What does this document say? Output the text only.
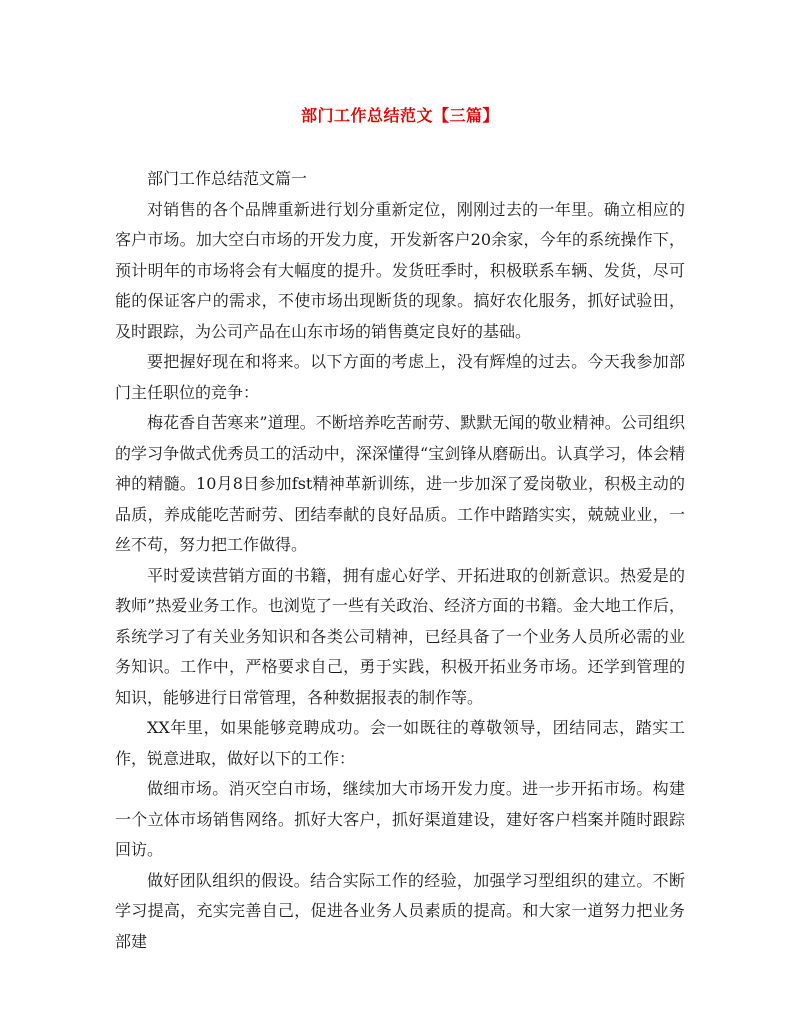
部门工作总结范文【三篇】

部门工作总结范文篇一

对销售的各个品牌重新进行划分重新定位，刚刚过去的一年里。确立相应的客户市场。加大空白市场的开发力度，开发新客户20余家，今年的系统操作下，预计明年的市场将会有大幅度的提升。发货旺季时，积极联系车辆、发货，尽可能的保证客户的需求，不使市场出现断货的现象。搞好农化服务，抓好试验田，及时跟踪，为公司产品在山东市场的销售奠定良好的基础。

要把握好现在和将来。以下方面的考虑上，没有辉煌的过去。今天我参加部门主任职位的竞争：

梅花香自苦寒来”道理。不断培养吃苦耐劳、默默无闻的敬业精神。公司组织的学习争做式优秀员工的活动中，深深懂得“宝剑锋从磨砺出。认真学习，体会精神的精髓。10月8日参加fst精神革新训练，进一步加深了爱岗敬业，积极主动的品质，养成能吃苦耐劳、团结奉献的良好品质。工作中踏踏实实，兢兢业业，一丝不苟，努力把工作做得。

平时爱读营销方面的书籍，拥有虚心好学、开拓进取的创新意识。热爱是的教师”热爱业务工作。也浏览了一些有关政治、经济方面的书籍。金大地工作后，系统学习了有关业务知识和各类公司精神，已经具备了一个业务人员所必需的业务知识。工作中，严格要求自己，勇于实践，积极开拓业务市场。还学到管理的知识，能够进行日常管理，各种数据报表的制作等。

XX年里，如果能够竞聘成功。会一如既往的尊敬领导，团结同志，踏实工作，锐意进取，做好以下的工作：

做细市场。消灭空白市场，继续加大市场开发力度。进一步开拓市场。构建一个立体市场销售网络。抓好大客户，抓好渠道建设，建好客户档案并随时跟踪回访。

做好团队组织的假设。结合实际工作的经验，加强学习型组织的建立。不断学习提高，充实完善自己，促进各业务人员素质的提高。和大家一道努力把业务部建
